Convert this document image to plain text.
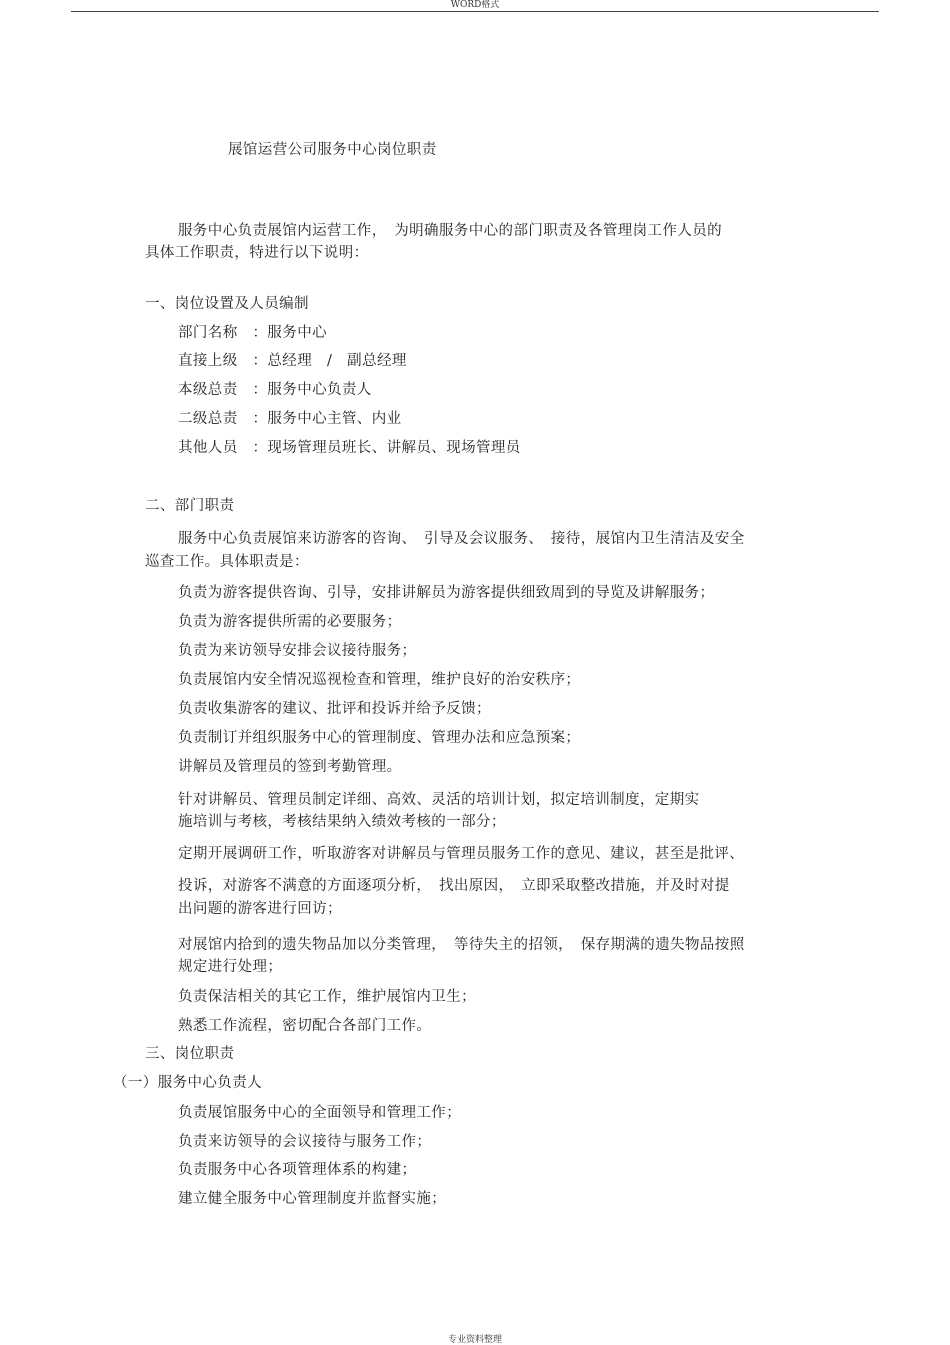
WORD格式
展馆运营公司服务中心岗位职责
服务中心负责展馆内运营工作，　为明确服务中心的部门职责及各管理岗工作人员的
具体工作职责，特进行以下说明：
一、岗位设置及人员编制
部门名称　：服务中心
直接上级　：总经理　/　副总经理
本级总责　：服务中心负责人
二级总责　：服务中心主管、内业
其他人员　：现场管理员班长、讲解员、现场管理员
二、部门职责
服务中心负责展馆来访游客的咨询、　引导及会议服务、　接待，展馆内卫生清洁及安全
巡查工作。具体职责是：
负责为游客提供咨询、引导，安排讲解员为游客提供细致周到的导览及讲解服务；
负责为游客提供所需的必要服务；
负责为来访领导安排会议接待服务；
负责展馆内安全情况巡视检查和管理，维护良好的治安秩序；
负责收集游客的建议、批评和投诉并给予反馈；
负责制订并组织服务中心的管理制度、管理办法和应急预案；
讲解员及管理员的签到考勤管理。
针对讲解员、管理员制定详细、高效、灵活的培训计划，拟定培训制度，定期实
施培训与考核，考核结果纳入绩效考核的一部分；
定期开展调研工作，听取游客对讲解员与管理员服务工作的意见、建议，甚至是批评、
投诉，对游客不满意的方面逐项分析，　找出原因，　立即采取整改措施，并及时对提
出问题的游客进行回访；
对展馆内拾到的遗失物品加以分类管理，　等待失主的招领，　保存期满的遗失物品按照
规定进行处理；
负责保洁相关的其它工作，维护展馆内卫生；
熟悉工作流程，密切配合各部门工作。
三、岗位职责
（一）服务中心负责人
负责展馆服务中心的全面领导和管理工作；
负责来访领导的会议接待与服务工作；
负责服务中心各项管理体系的构建；
建立健全服务中心管理制度并监督实施；
专业资料整理
